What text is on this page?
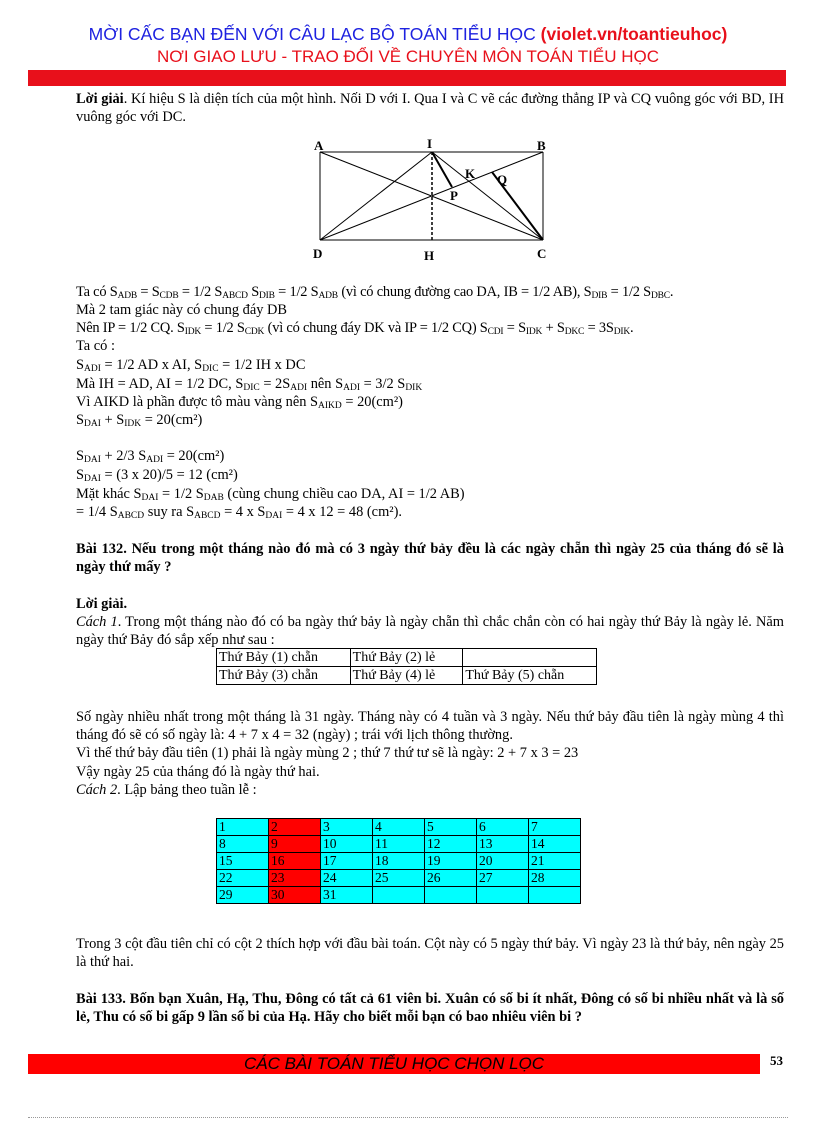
MỜI CẤC BẠN ĐẾN VỚI CÂU LẠC BỘ TOÁN TIỂU HỌC (violet.vn/toantieuhoc)
NƠI GIAO LƯU - TRAO ĐỔI VỀ CHUYÊN MÔN TOÁN TIỂU HỌC
Lời giải. Kí hiệu S là diện tích của một hình. Nối D với I. Qua I và C vẽ các đường thẳng IP và CQ vuông góc với BD, IH vuông góc với DC.
A	I	B
K Q
P
D	H	C
Ta có $S_{ADB} = S_{CDB} = 1/2$ $S_{ABCD}$ $S_{DIB} = 1/2$ $S_{ADB}$ (vì có chung đường cao DA, IB = 1/2 AB), $S_{DIB} = 1/2$ $S_{DBC}$.
Mà 2 tam giác này có chung đáy DB
Nên IP = 1/2 CQ. $S_{IDK} = 1/2$ $S_{CDK}$ (vì có chung đáy DK và IP = 1/2 CQ) $S_{CDI} = S_{IDK} + S_{DKC} = 3S_{DIK}$.
Ta có :
$S_{ADI} = 1/2$ AD x AI, $S_{DIC} = 1/2$ IH x DC
Mà IH = AD, AI = 1/2 DC, $S_{DIC} = 2S_{ADI}$ nên $S_{ADI} = 3/2$ $S_{DIK}$
Vì AIKD là phần được tô màu vàng nên $S_{AIKD} = 20(cm^2)$
$S_{DAI} + S_{IDK} = 20(cm^2)$
$S_{DAI} + 2/3$ $S_{ADI} = 20(cm^2)$
$S_{DAI} = (3$ x 20)/5 = 12 (cm²)
Mặt khác $S_{DAI} = 1/2$ $S_{DAB}$ (cùng chung chiều cao DA, AI = 1/2 AB)
= 1/4 $S_{ABCD}$ suy ra $S_{ABCD} = 4$ x $S_{DAI} = 4$ x 12 = 48 (cm²).
Bài 132. Nếu trong một tháng nào đó mà có 3 ngày thứ bảy đều là các ngày chẵn thì ngày 25 của tháng đó sẽ là ngày thứ mấy ?
Lời giải.
Cách 1. Trong một tháng nào đó có ba ngày thứ bảy là ngày chẵn thì chắc chắn còn có hai ngày thứ Bảy là ngày lẻ. Năm ngày thứ Bảy đó sắp xếp như sau :
Thứ Bảy (1) chẵn	Thứ Bảy (2) lẻ	
Thứ Bảy (3) chẵn	Thứ Bảy (4) lẻ	Thứ Bảy (5) chẵn
Số ngày nhiều nhất trong một tháng là 31 ngày. Tháng này có 4 tuần và 3 ngày. Nếu thứ bảy đầu tiên là ngày mùng 4 thì tháng đó sẽ có số ngày là: 4 + 7 x 4 = 32 (ngày) ; trái với lịch thông thường.
Vì thế thứ bảy đầu tiên (1) phải là ngày mùng 2 ; thứ 7 thứ tư sẽ là ngày: 2 + 7 x 3 = 23
Vậy ngày 25 của tháng đó là ngày thứ hai.
Cách 2. Lập bảng theo tuần lễ :
1	2	3	4	5	6	7
8	9	10	11	12	13	14
15	16	17	18	19	20	21
22	23	24	25	26	27	28
29	30	31				
Trong 3 cột đầu tiên chỉ có cột 2 thích hợp với đầu bài toán. Cột này có 5 ngày thứ bảy. Vì ngày 23 là thứ bảy, nên ngày 25 là thứ hai.
Bài 133. Bốn bạn Xuân, Hạ, Thu, Đông có tất cả 61 viên bi. Xuân có số bi ít nhất, Đông có số bi nhiều nhất và là số lẻ, Thu có số bi gấp 9 lần số bi của Hạ. Hãy cho biết mỗi bạn có bao nhiêu viên bi ?
CÁC BÀI TOÁN TIỂU HỌC CHỌN LỌC	53
